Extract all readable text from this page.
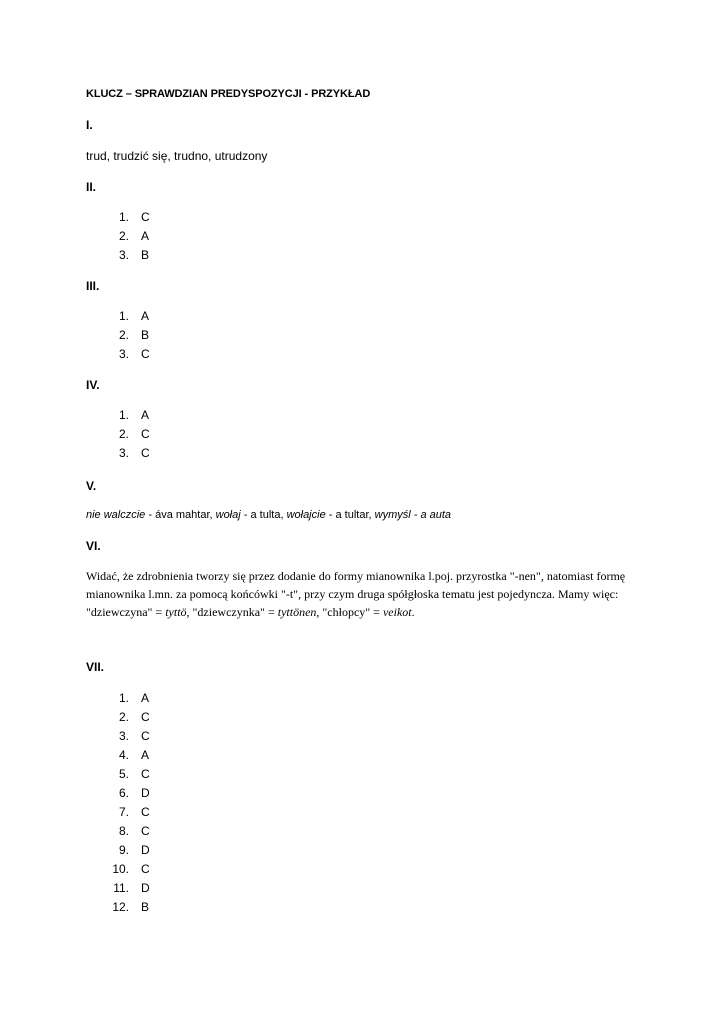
KLUCZ – SPRAWDZIAN PREDYSPOZYCJI - PRZYKŁAD
I.
trud, trudzić się, trudno, utrudzony
II.
1. C
2. A
3. B
III.
1. A
2. B
3. C
IV.
1. A
2. C
3. C
V.
nie walczcie - áva mahtar, wołaj - a tulta, wołajcie - a tultar, wymyśl - a auta
VI.
Widać, że zdrobnienia tworzy się przez dodanie do formy mianownika l.poj. przyrostka "-nen", natomiast formę
mianownika l.mn. za pomocą końcówki "-t", przy czym druga spółgłoska tematu jest pojedyncza. Mamy więc:
"dziewczyna" = tyttö, "dziewczynka" = tyttönen, "chłopcy" = veikot.
VII.
1. A
2. C
3. C
4. A
5. C
6. D
7. C
8. C
9. D
10. C
11. D
12. B
